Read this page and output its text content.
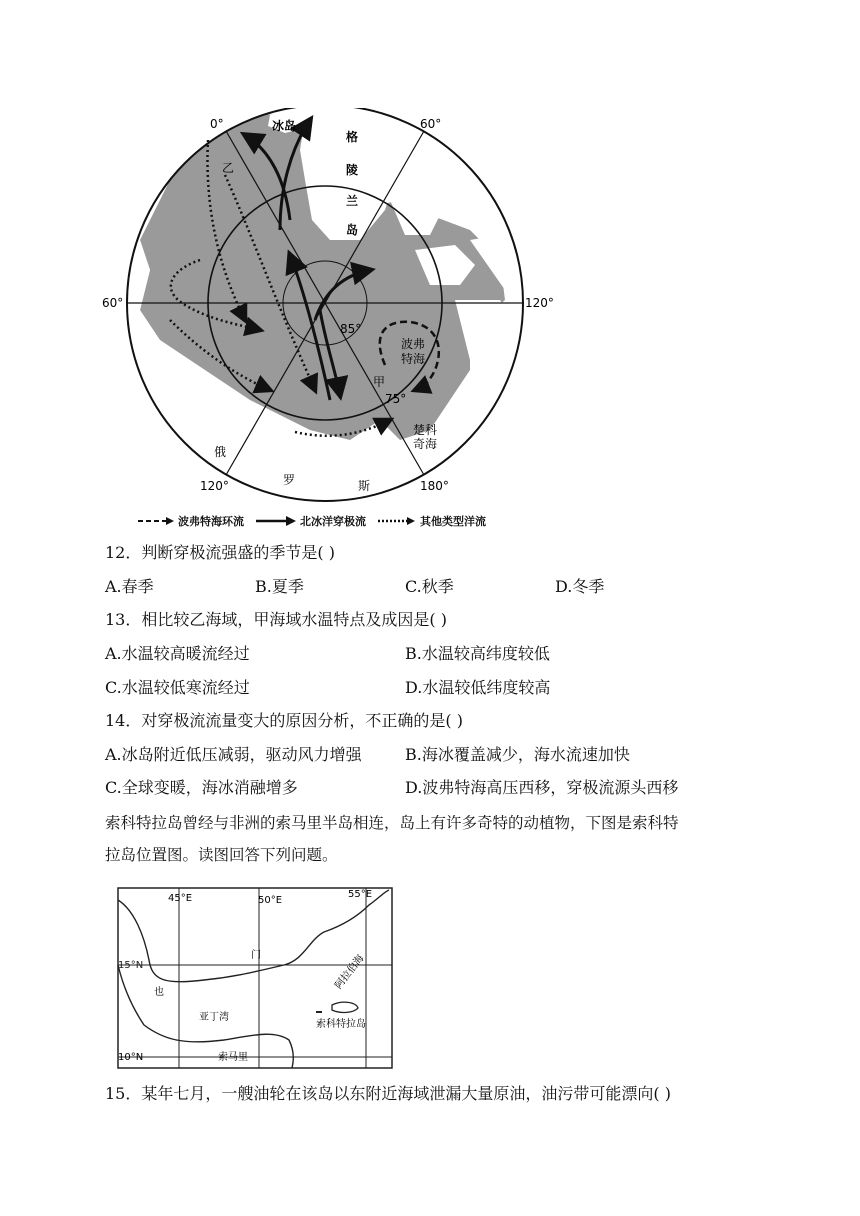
0°	60°
60°	120°
120°	180°
85°
75°
冰岛
格
陵
兰
岛
乙
甲
波弗
特海
楚科
奇海
俄
罗	斯
波弗特海环流	北冰洋穿极流	其他类型洋流
12．判断穿极流强盛的季节是( )
A.春季	B.夏季	C.秋季	D.冬季
13．相比较乙海域，甲海域水温特点及成因是( )
A.水温较高暖流经过	B.水温较高纬度较低
C.水温较低寒流经过	D.水温较低纬度较高
14．对穿极流流量变大的原因分析，不正确的是( )
A.冰岛附近低压减弱，驱动风力增强	B.海冰覆盖减少，海水流速加快
C.全球变暖，海冰消融增多	D.波弗特海高压西移，穿极流源头西移
索科特拉岛曾经与非洲的索马里半岛相连，岛上有许多奇特的动植物，下图是索科特
拉岛位置图。读图回答下列问题。
45°E	50°E
55°E
15°N
10°N
门	阿拉伯海
亚丁湾
也
索科特拉岛
索马里
15．某年七月，一艘油轮在该岛以东附近海域泄漏大量原油，油污带可能漂向( )
